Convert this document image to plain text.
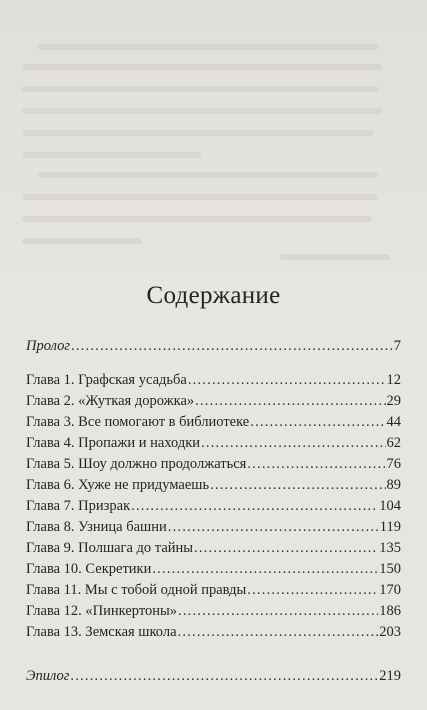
Содержание
Пролог .....	7
Глава 1. Графская усадьба .....	12
Глава 2. «Жуткая дорожка» .....	29
Глава 3. Все помогают в библиотеке .....	44
Глава 4. Пропажи и находки .....	62
Глава 5. Шоу должно продолжаться .....	76
Глава 6. Хуже не придумаешь .....	89
Глава 7. Призрак .....	104
Глава 8. Узница башни .....	119
Глава 9. Полшага до тайны .....	135
Глава 10. Секретики .....	150
Глава 11. Мы с тобой одной правды .....	170
Глава 12. «Пинкертоны» .....	186
Глава 13. Земская школа .....	203
Эпилог .....	219
